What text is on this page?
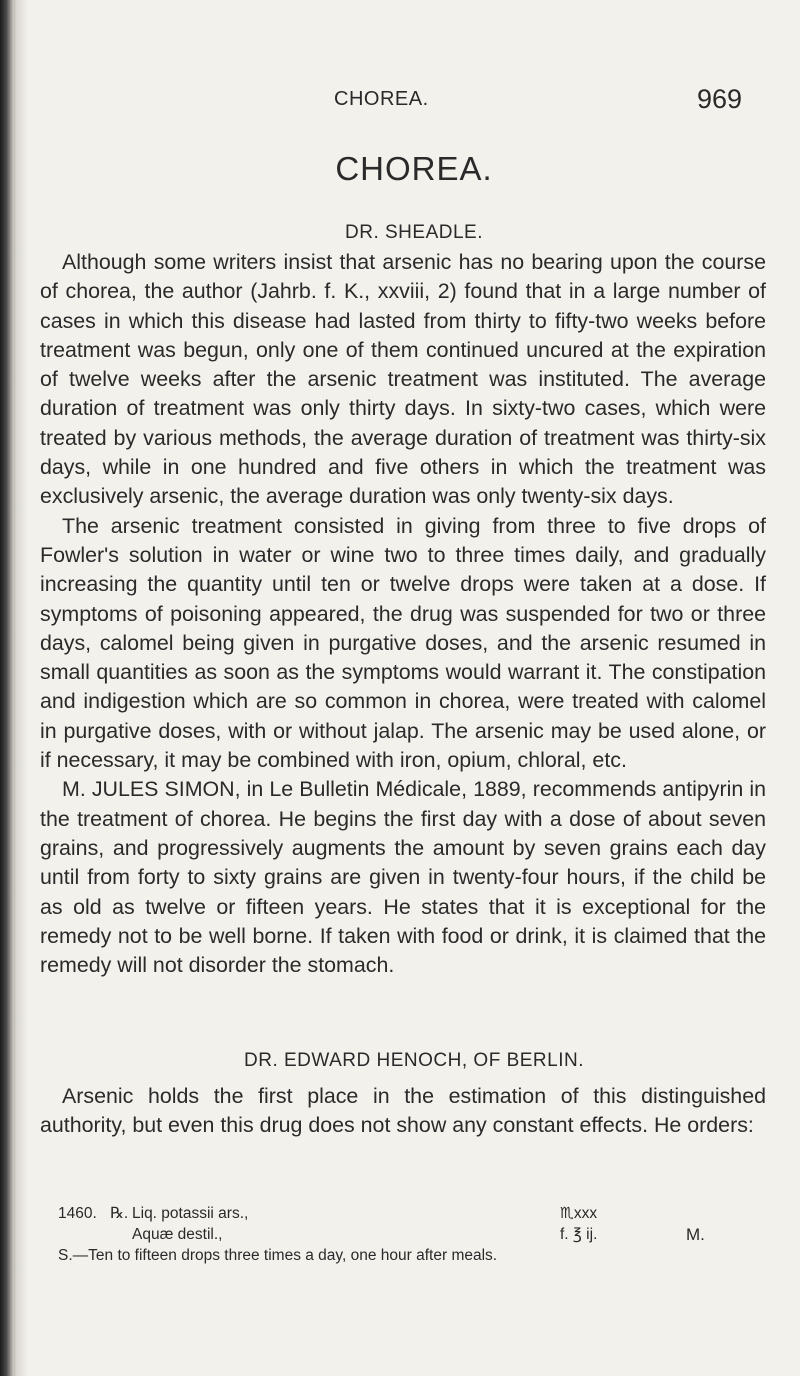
CHOREA.	969
CHOREA.
DR. SHEADLE.

Although some writers insist that arsenic has no bearing upon the course of chorea, the author (Jahrb. f. K., xxviii, 2) found that in a large number of cases in which this disease had lasted from thirty to fifty-two weeks before treatment was begun, only one of them continued uncured at the expiration of twelve weeks after the arsenic treatment was instituted. The average duration of treatment was only thirty days. In sixty-two cases, which were treated by various methods, the average duration of treatment was thirty-six days, while in one hundred and five others in which the treatment was exclusively arsenic, the average duration was only twenty-six days.

The arsenic treatment consisted in giving from three to five drops of Fowler's solution in water or wine two to three times daily, and gradually increasing the quantity until ten or twelve drops were taken at a dose. If symptoms of poisoning appeared, the drug was suspended for two or three days, calomel being given in purgative doses, and the arsenic resumed in small quantities as soon as the symptoms would warrant it. The constipation and indigestion which are so common in chorea, were treated with calomel in purgative doses, with or without jalap. The arsenic may be used alone, or if necessary, it may be combined with iron, opium, chloral, etc.

M. JULES SIMON, in Le Bulletin Médicale, 1889, recommends antipyrin in the treatment of chorea. He begins the first day with a dose of about seven grains, and progressively augments the amount by seven grains each day until from forty to sixty grains are given in twenty-four hours, if the child be as old as twelve or fifteen years. He states that it is exceptional for the remedy not to be well borne. If taken with food or drink, it is claimed that the remedy will not disorder the stomach.

DR. EDWARD HENOCH, OF BERLIN.

Arsenic holds the first place in the estimation of this distinguished authority, but even this drug does not show any constant effects. He orders:

1460. ℞. Liq. potassii ars.,	♏xxx
Aquæ destil.,	f. ℥ ij.	M.
S.—Ten to fifteen drops three times a day, one hour after meals.
